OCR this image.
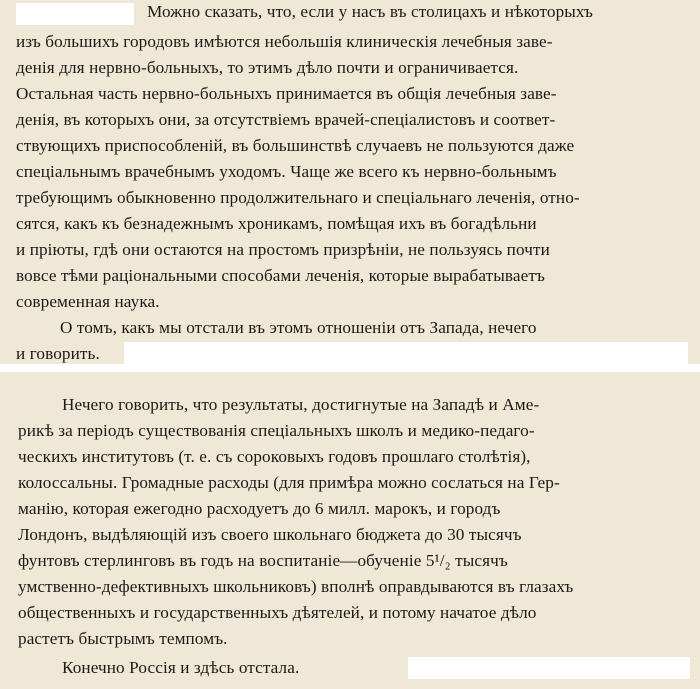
Можно сказать, что, если у насъ въ столицахъ и нѣкоторыхъ
изъ большихъ городовъ имѣются небольшія клиническія лечебныя заве-
денія для нервно-больныхъ, то этимъ дѣло почти и ограничивается.
Остальная часть нервно-больныхъ принимается въ общія лечебныя заве-
денія, въ которыхъ они, за отсутствіемъ врачей-спеціалистовъ и соответ-
ствующихъ приспособленій, въ большинствѣ случаевъ не пользуются даже
спеціальнымъ врачебнымъ уходомъ. Чаще же всего къ нервно-больнымъ
требующимъ обыкновенно продолжительнаго и спеціальнаго леченія, отно-
сятся, какъ къ безнадежнымъ хроникамъ, помѣщая ихъ въ богадѣльни
и пріюты, гдѣ они остаются на простомъ призрѣніи, не пользуясь почти
вовсе тѣми раціональными способами леченія, которые вырабатываетъ
современная наука.
О томъ, какъ мы отстали въ этомъ отношеніи отъ Запада, нечего
и говорить.
Нечего говорить, что результаты, достигнутые на Западѣ и Аме-
рикѣ за періодъ существованія спеціальныхъ школъ и медико-педаго-
ческихъ институтовъ (т. е. съ сороковыхъ годовъ прошлаго столѣтія),
колоссальны. Громадные расходы (для примѣра можно сослаться на Гер-
манію, которая ежегодно расходуетъ до 6 милл. марокъ, и городъ
Лондонъ, выдѣляющій изъ своего школьнаго бюджета до 30 тысячъ
фунтовъ стерлинговъ въ годъ на воспитаніе—обученіе 5¹/₂ тысячъ
умственно-дефективныхъ школьниковъ) вполнѣ оправдываются въ глазахъ
общественныхъ и государственныхъ дѣятелей, и потому начатое дѣло
растетъ быстрымъ темпомъ.
Конечно Россія и здѣсь отстала.
